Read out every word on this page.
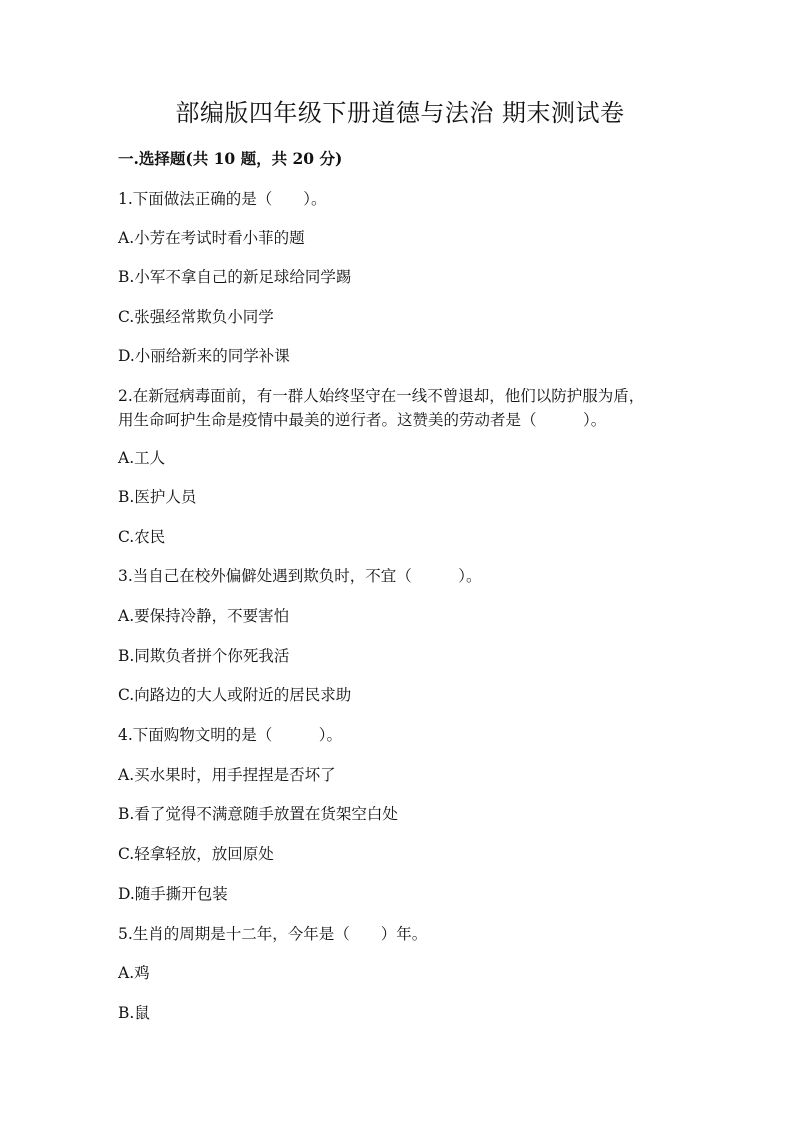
部编版四年级下册道德与法治 期末测试卷
一.选择题(共 10 题，共 20 分)
1.下面做法正确的是（　　）。
A.小芳在考试时看小菲的题
B.小军不拿自己的新足球给同学踢
C.张强经常欺负小同学
D.小丽给新来的同学补课
2.在新冠病毒面前，有一群人始终坚守在一线不曾退却，他们以防护服为盾，
用生命呵护生命是疫情中最美的逆行者。这赞美的劳动者是（　　　）。
A.工人
B.医护人员
C.农民
3.当自己在校外偏僻处遇到欺负时，不宜（　　　）。
A.要保持冷静，不要害怕
B.同欺负者拼个你死我活
C.向路边的大人或附近的居民求助
4.下面购物文明的是（　　　）。
A.买水果时，用手捏捏是否坏了
B.看了觉得不满意随手放置在货架空白处
C.轻拿轻放，放回原处
D.随手撕开包装
5.生肖的周期是十二年，今年是（　　）年。
A.鸡
B.鼠
